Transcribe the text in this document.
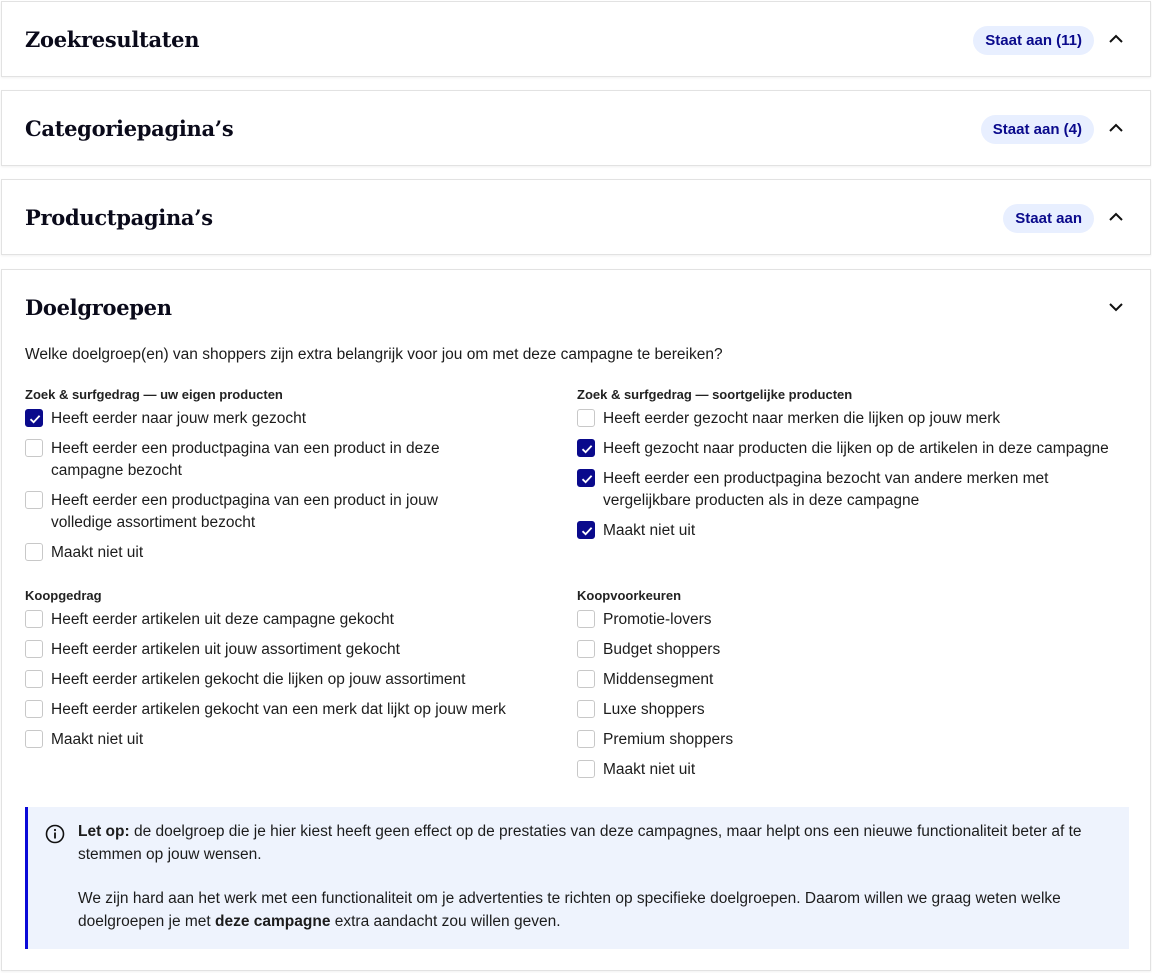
Zoekresultaten	Staat aan (11)
Categoriepagina’s	Staat aan (4)
Productpagina’s	Staat aan
Doelgroepen
Welke doelgroep(en) van shoppers zijn extra belangrijk voor jou om met deze campagne te bereiken?
Zoek & surfgedrag — uw eigen producten
Heeft eerder naar jouw merk gezocht
Heeft eerder een productpagina van een product in deze campagne bezocht
Heeft eerder een productpagina van een product in jouw volledige assortiment bezocht
Maakt niet uit
Zoek & surfgedrag — soortgelijke producten
Heeft eerder gezocht naar merken die lijken op jouw merk
Heeft gezocht naar producten die lijken op de artikelen in deze campagne
Heeft eerder een productpagina bezocht van andere merken met vergelijkbare producten als in deze campagne
Maakt niet uit
Koopgedrag
Heeft eerder artikelen uit deze campagne gekocht
Heeft eerder artikelen uit jouw assortiment gekocht
Heeft eerder artikelen gekocht die lijken op jouw assortiment
Heeft eerder artikelen gekocht van een merk dat lijkt op jouw merk
Maakt niet uit
Koopvoorkeuren
Promotie-lovers
Budget shoppers
Middensegment
Luxe shoppers
Premium shoppers
Maakt niet uit

Let op: de doelgroep die je hier kiest heeft geen effect op de prestaties van deze campagnes, maar helpt ons een nieuwe functionaliteit beter af te stemmen op jouw wensen.

We zijn hard aan het werk met een functionaliteit om je advertenties te richten op specifieke doelgroepen. Daarom willen we graag weten welke doelgroepen je met deze campagne extra aandacht zou willen geven.
